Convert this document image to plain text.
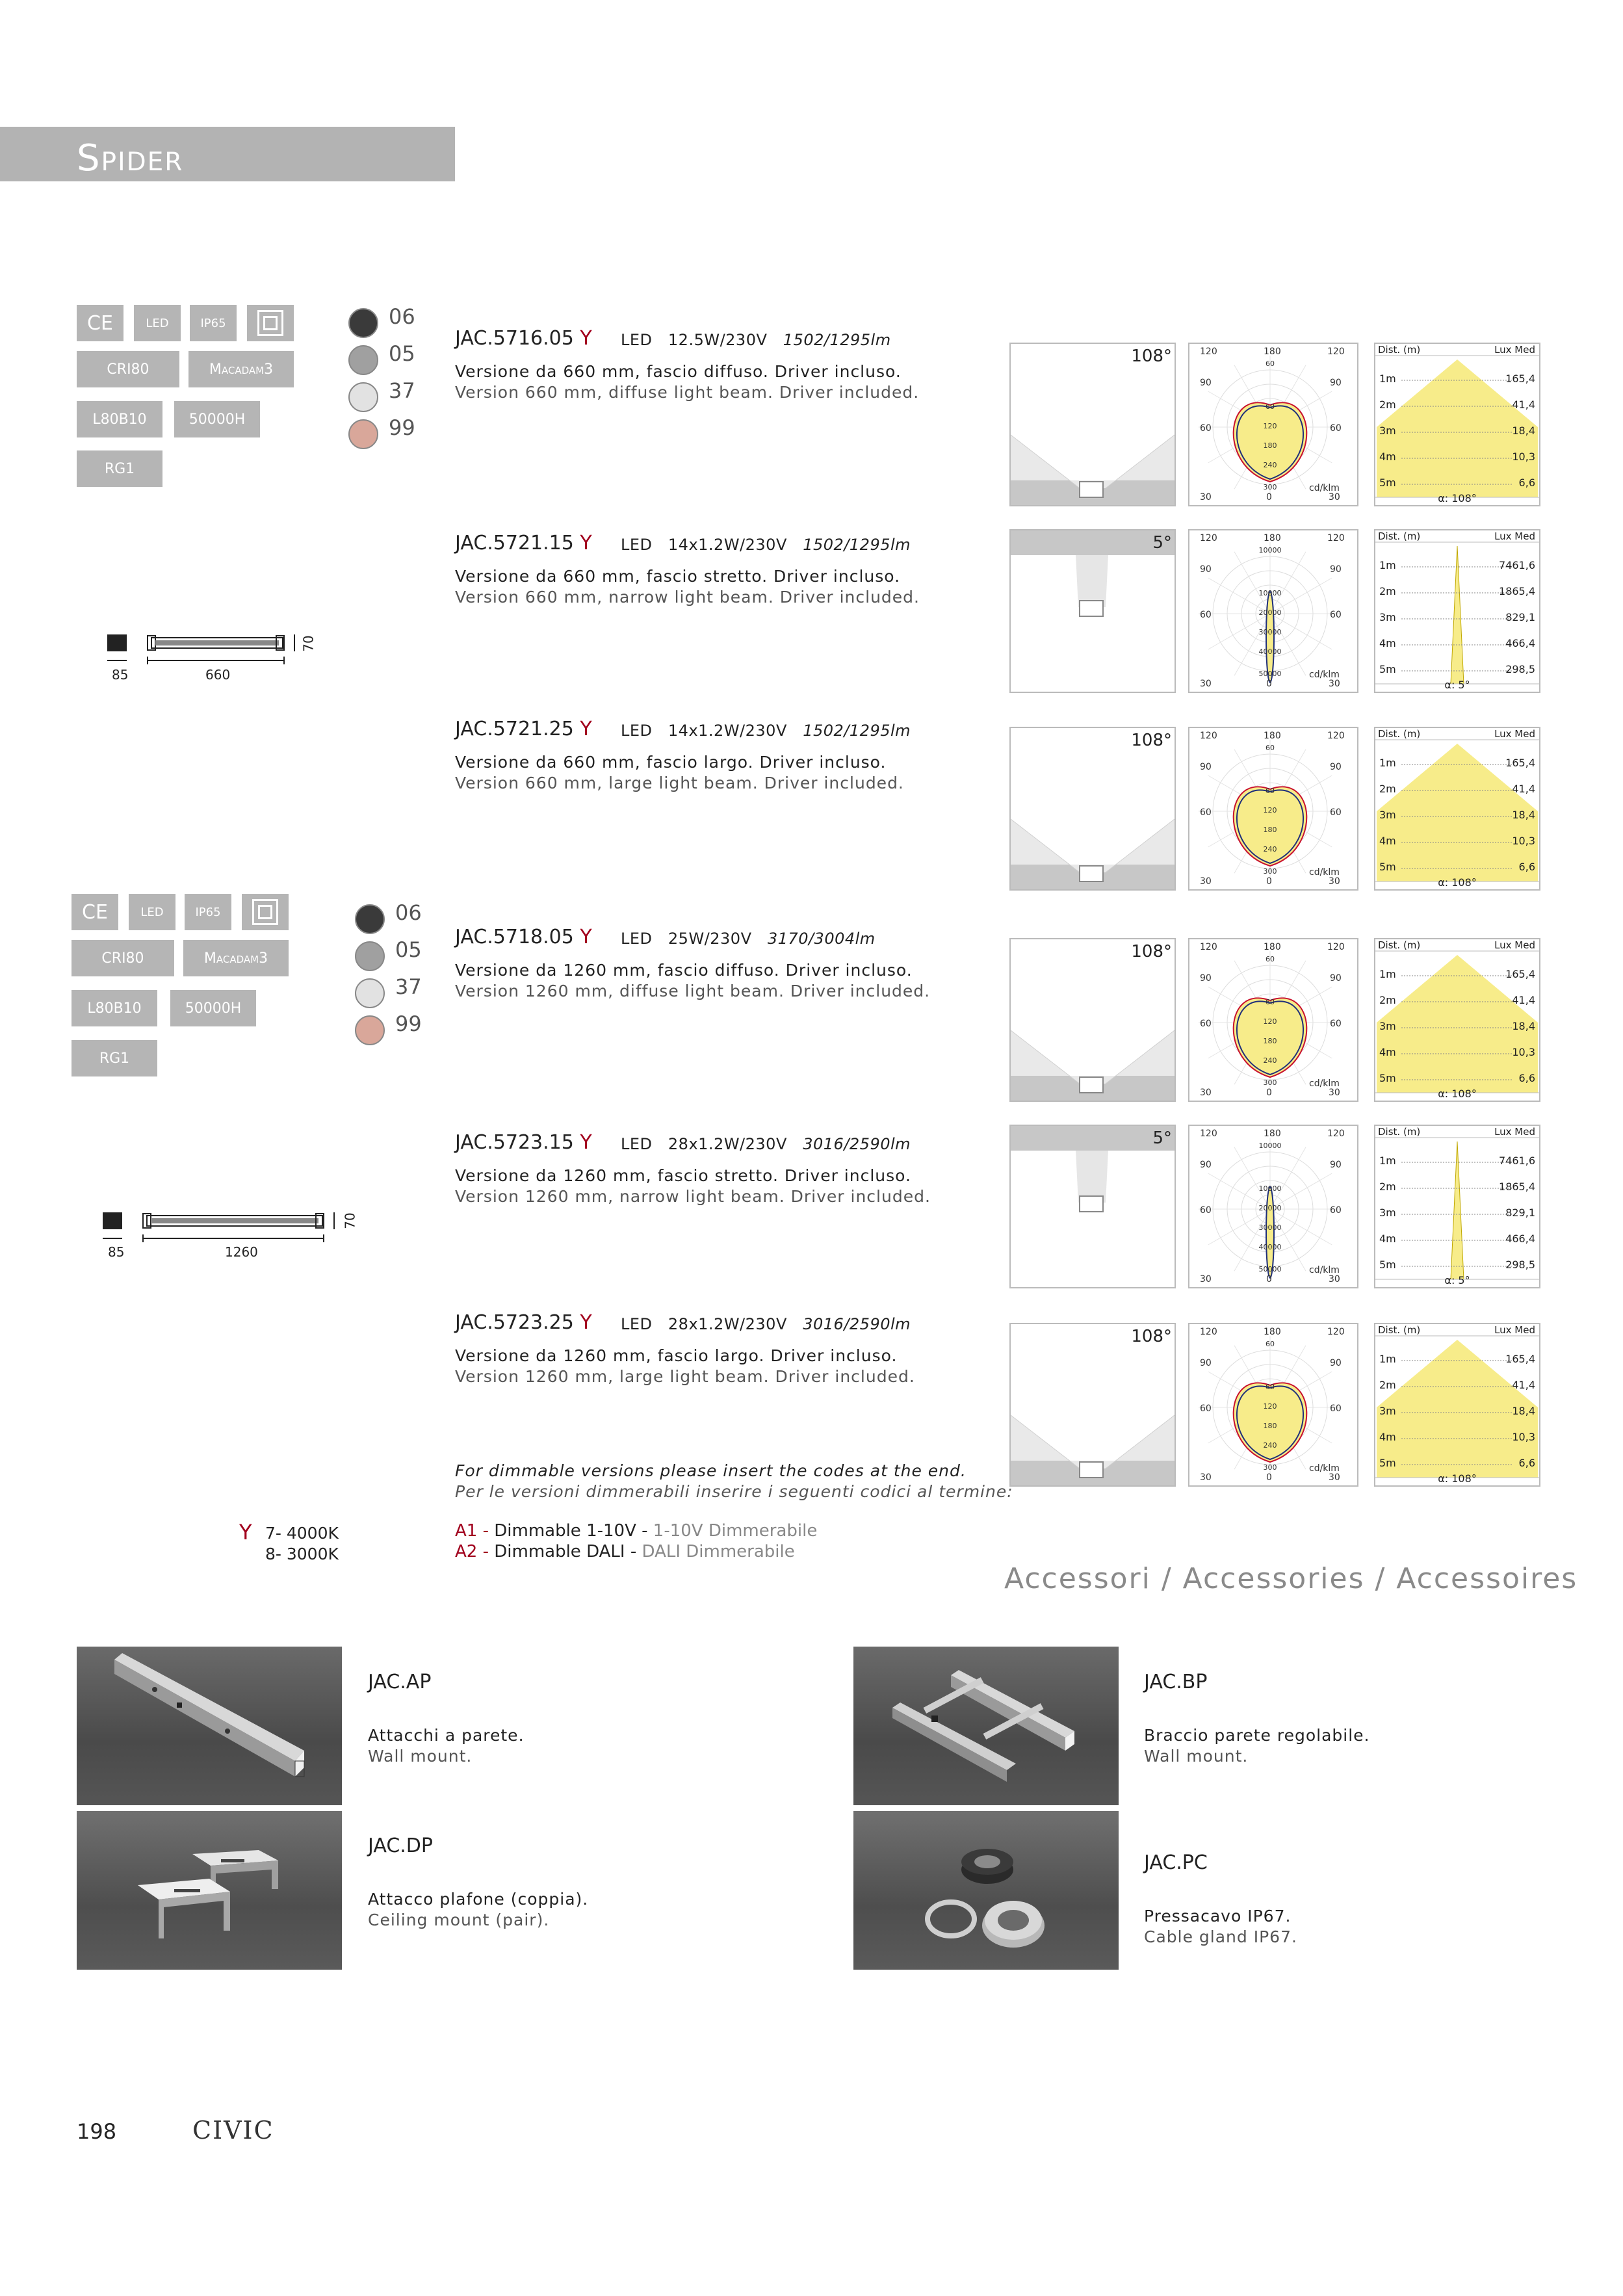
Spider
CE	LED	IP65
CRI80	Macadam3
L80B10	50000H
RG1
06
05
37
99
CE	LED	IP65
CRI80	Macadam3
L80B10	50000H
RG1
06
05
37
99
70
85	660
70
85	1260
JAC.5716.05 Y LED 12.5W/230V 1502/1295lm
Versione da 660 mm, fascio diffuso. Driver incluso.
Version 660 mm, diffuse light beam. Driver included.
108°	120	180	120
90	90
60	60
30	0	30
60
60
120
180
240
300	cd/klm
Dist. (m)	Lux Med
1m	165,4
2m	41,4
3m	18,4
4m	10,3
5m	6,6
α: 108°
JAC.5721.15 Y LED 14x1.2W/230V 1502/1295lm
Versione da 660 mm, fascio stretto. Driver incluso.
Version 660 mm, narrow light beam. Driver included.
5°	120	180	120
90	90
60	60
30	0	30
10000
10000
20000
30000
40000
50000	cd/klm
Dist. (m)	Lux Med
1m	7461,6
2m	1865,4
3m	829,1
4m	466,4
5m	298,5
α: 5°
JAC.5721.25 Y LED 14x1.2W/230V 1502/1295lm
Versione da 660 mm, fascio largo. Driver incluso.
Version 660 mm, large light beam. Driver included.
108°	120	180	120
90	90
60	60
30	0	30
60
60
120
180
240
300	cd/klm
Dist. (m)	Lux Med
1m	165,4
2m	41,4
3m	18,4
4m	10,3
5m	6,6
α: 108°
JAC.5718.05 Y LED 25W/230V 3170/3004lm
Versione da 1260 mm, fascio diffuso. Driver incluso.
Version 1260 mm, diffuse light beam. Driver included.
108°	120	180	120
90	90
60	60
30	0	30
60
60
120
180
240
300	cd/klm
Dist. (m)	Lux Med
1m	165,4
2m	41,4
3m	18,4
4m	10,3
5m	6,6
α: 108°
JAC.5723.15 Y LED 28x1.2W/230V 3016/2590lm
Versione da 1260 mm, fascio stretto. Driver incluso.
Version 1260 mm, narrow light beam. Driver included.
5°	120	180	120
90	90
60	60
30	0	30
10000
10000
20000
30000
40000
50000	cd/klm
Dist. (m)	Lux Med
1m	7461,6
2m	1865,4
3m	829,1
4m	466,4
5m	298,5
α: 5°
JAC.5723.25 Y LED 28x1.2W/230V 3016/2590lm
Versione da 1260 mm, fascio largo. Driver incluso.
Version 1260 mm, large light beam. Driver included.
108°	120	180	120
90	90
60	60
30	0	30
60
60
120
180
240
300	cd/klm
Dist. (m)	Lux Med
1m	165,4
2m	41,4
3m	18,4
4m	10,3
5m	6,6
α: 108°
For dimmable versions please insert the codes at the end.
Per le versioni dimmerabili inserire i seguenti codici al termine:
A1 - Dimmable 1-10V - 1-10V Dimmerabile
A2 - Dimmable DALI - DALI Dimmerabile
Y 7- 4000K
8- 3000K
Accessori / Accessories / Accessoires
JAC.AP
Attacchi a parete.
Wall mount.
JAC.BP
Braccio parete regolabile.
Wall mount.
JAC.DP
Attacco plafone (coppia).
Ceiling mount (pair).
JAC.PC
Pressacavo IP67.
Cable gland IP67.
198	CIVIC
